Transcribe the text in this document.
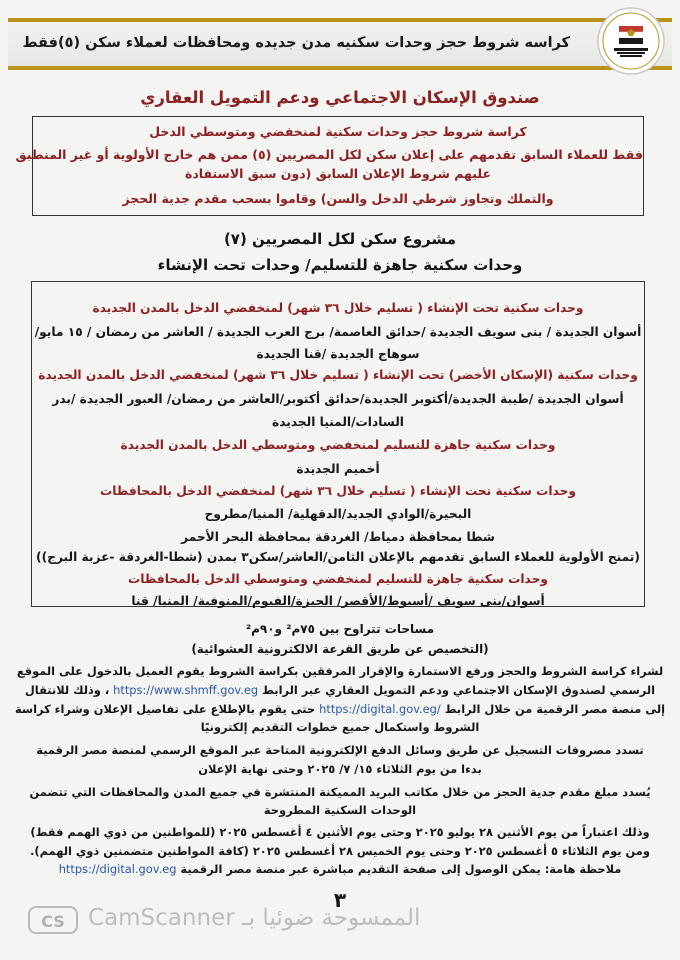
كراسه شروط حجز وحدات سكنيه مدن جديده ومحافظات لعملاء سكن (٥)فقط
صندوق الإسكان الاجتماعي ودعم التمويل العقاري
كراسة شروط حجز وحدات سكنية لمنخفضي ومتوسطي الدخل
فقط للعملاء السابق تقدمهم على إعلان سكن لكل المصريين (٥) ممن هم خارج الأولوية أو غير المنطبق
عليهم شروط الإعلان السابق (دون سبق الاستفادة
والتملك وتجاوز شرطي الدخل والسن) وقاموا بسحب مقدم جدية الحجز
مشروع سكن لكل المصريين (٧)
وحدات سكنية جاهزة للتسليم/ وحدات تحت الإنشاء
وحدات سكنية تحت الإنشاء ( تسليم خلال ٣٦ شهر) لمنخفضي الدخل بالمدن الجديدة
أسوان الجديدة / بنى سويف الجديدة /حدائق العاصمة/ برج العرب الجديدة / العاشر من رمضان / ١٥ مايو/
سوهاج الجديدة /قنا الجديدة
وحدات سكنية (الإسكان الأخضر) تحت الإنشاء ( تسليم خلال ٣٦ شهر) لمنخفضي الدخل بالمدن الجديدة
أسوان الجديدة /طيبة الجديدة/أكتوبر الجديدة/حدائق أكتوبر/العاشر من رمضان/ العبور الجديدة /بدر
السادات/المنيا الجديدة
وحدات سكنية جاهزة للتسليم لمنخفضي ومتوسطي الدخل بالمدن الجديدة
أخميم الجديدة
وحدات سكنية تحت الإنشاء ( تسليم خلال ٣٦ شهر) لمنخفضي الدخل بالمحافظات
البحيرة/الوادي الجديد/الدقهلية/ المنيا/مطروح
شطا بمحافظة دمياط/ الغردقة بمحافظة البحر الأحمر
(تمنح الأولوية للعملاء السابق تقدمهم بالإعلان الثامن/العاشر/سكن٣ بمدن (شطا-الغردقة -عزبة البرج))
وحدات سكنية جاهزة للتسليم لمنخفضي ومتوسطي الدخل بالمحافظات
أسوان/بنى سويف /أسيوط/الأقصر/ الجيزة/الفيوم/المنوفية/ المنيا/ قنا
مساحات تتراوح بين ٧٥م² و٩٠م²
(التخصيص عن طريق القرعة الالكترونية العشوائية)
لشراء كراسة الشروط والحجز ورفع الاستمارة والإقرار المرفقين بكراسة الشروط يقوم العميل بالدخول على الموقع
الرسمي لصندوق الإسكان الاجتماعي ودعم التمويل العقاري عبر الرابط https://www.shmff.gov.eg ، وذلك للانتقال
إلى منصة مصر الرقمية من خلال الرابط https://digital.gov.eg/ حتى يقوم بالإطلاع على تفاصيل الإعلان وشراء كراسة
الشروط واستكمال جميع خطوات التقديم إلكترونيًا
تسدد مصروفات التسجيل عن طريق وسائل الدفع الإلكترونية المتاحة عبر الموقع الرسمي لمنصة مصر الرقمية
بدءا من يوم الثلاثاء ١٥/ ٧/ ٢٠٢٥ وحتى نهاية الإعلان
يُسدد مبلغ مقدم جدية الحجز من خلال مكاتب البريد المميكنة المنتشرة في جميع المدن والمحافظات التي تتضمن
الوحدات السكنية المطروحة
وذلك اعتباراً من يوم الأثنين ٢٨ يوليو ٢٠٢٥ وحتى يوم الأثنين ٤ أغسطس ٢٠٢٥ (للمواطنين من ذوي الهمم فقط)
ومن يوم الثلاثاء ٥ أغسطس ٢٠٢٥ وحتى يوم الخميس ٢٨ أغسطس ٢٠٢٥ (كافة المواطنين متضمنين ذوي الهمم).
ملاحظة هامة: يمكن الوصول إلى صفحة التقديم مباشرة عبر منصة مصر الرقمية https://digital.gov.eg
٣
CS	CamScanner الممسوحة ضوئيا بـ
